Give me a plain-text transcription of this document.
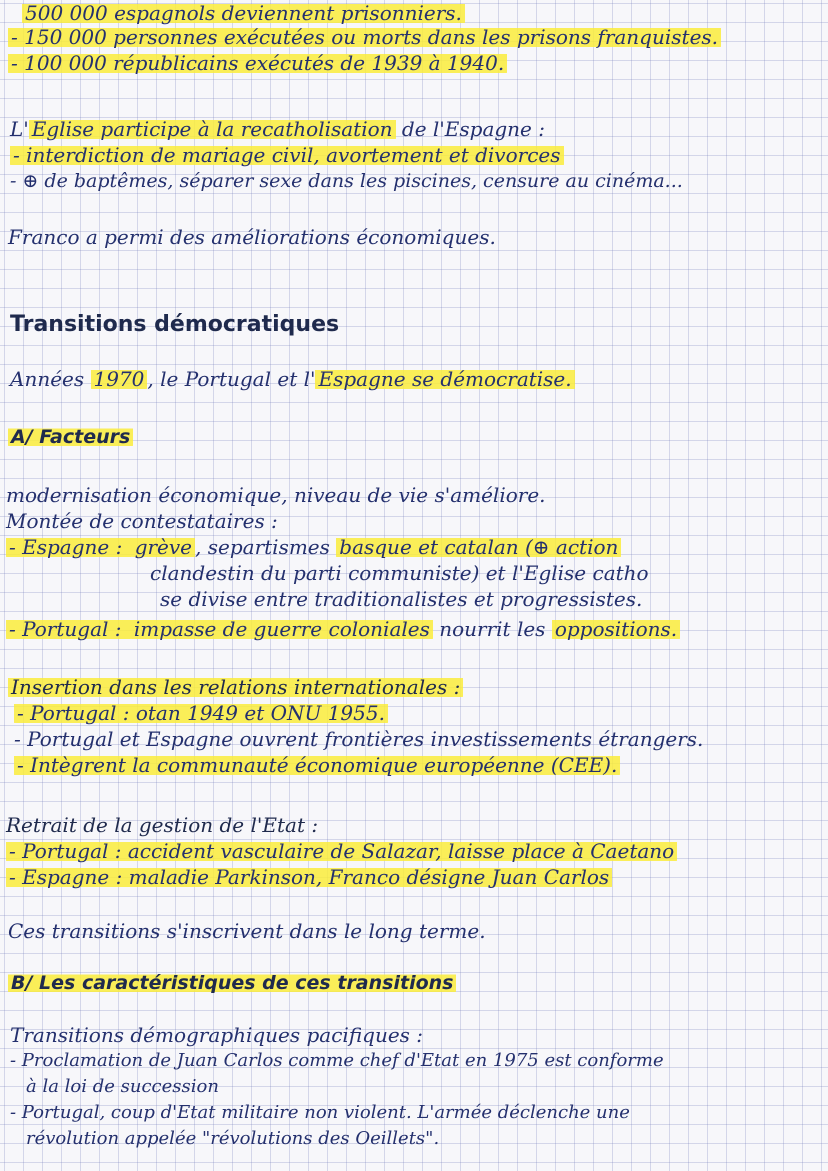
500 000 espagnols deviennent prisonniers.
- 150 000 personnes exécutées ou morts dans les prisons franquistes.
- 100 000 républicains exécutés de 1939 à 1940.
L' Eglise participe à la recatholisation de l'Espagne :
- interdiction de mariage civil, avortement et divorces
- ⊕ de baptêmes, séparer sexe dans les piscines, censure au cinéma...
Franco a permi des améliorations économiques.
Transitions démocratiques
Années 1970 , le Portugal et l' Espagne se démocratise.
A/ Facteurs
modernisation économique, niveau de vie s'améliore.
Montée de contestataires :
- Espagne : grève , separtismes basque et catalan (⊕ action
clandestin du parti communiste) et l'Eglise catho
se divise entre traditionalistes et progressistes.
- Portugal : impasse de guerre coloniales nourrit les oppositions.
Insertion dans les relations internationales :
- Portugal : otan 1949 et ONU 1955.
- Portugal et Espagne ouvrent frontières investissements étrangers.
- Intègrent la communauté économique européenne (CEE).
Retrait de la gestion de l'Etat :
- Portugal : accident vasculaire de Salazar, laisse place à Caetano
- Espagne : maladie Parkinson, Franco désigne Juan Carlos
Ces transitions s'inscrivent dans le long terme.
B/ Les caractéristiques de ces transitions
Transitions démographiques pacifiques :
- Proclamation de Juan Carlos comme chef d'Etat en 1975 est conforme
à la loi de succession
- Portugal, coup d'Etat militaire non violent. L'armée déclenche une
révolution appelée "révolutions des Oeillets".
